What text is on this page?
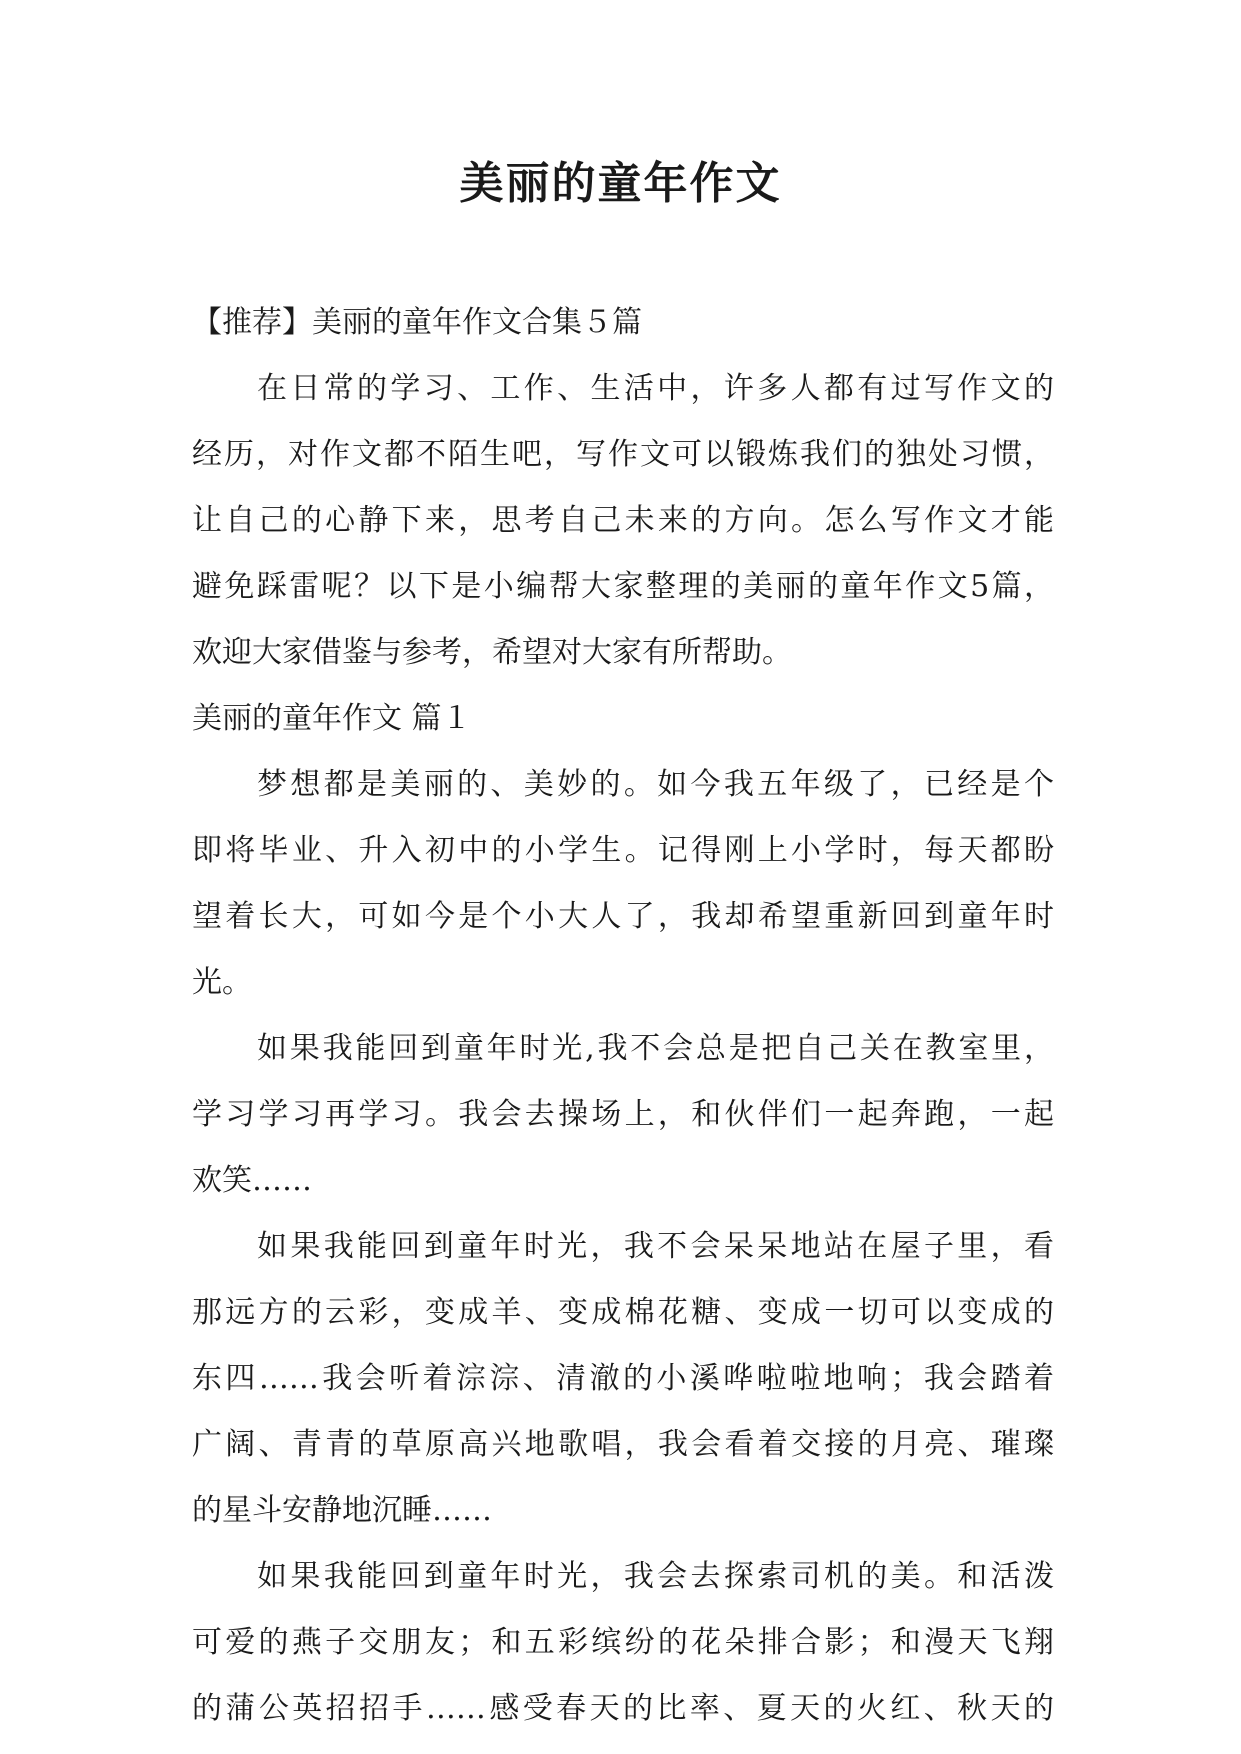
美丽的童年作文

【推荐】美丽的童年作文合集５篇

在日常的学习、工作、生活中，许多人都有过写作文的

经历，对作文都不陌生吧，写作文可以锻炼我们的独处习惯，

让自己的心静下来，思考自己未来的方向。怎么写作文才能

避免踩雷呢？以下是小编帮大家整理的美丽的童年作文5篇，

欢迎大家借鉴与参考，希望对大家有所帮助。

美丽的童年作文 篇１

梦想都是美丽的、美妙的。如今我五年级了，已经是个

即将毕业、升入初中的小学生。记得刚上小学时，每天都盼

望着长大，可如今是个小大人了，我却希望重新回到童年时

光。

如果我能回到童年时光,我不会总是把自己关在教室里，

学习学习再学习。我会去操场上，和伙伴们一起奔跑，一起

欢笑……

如果我能回到童年时光，我不会呆呆地站在屋子里，看

那远方的云彩，变成羊、变成棉花糖、变成一切可以变成的

东四……我会听着淙淙、清澈的小溪哗啦啦地响；我会踏着

广阔、青青的草原高兴地歌唱，我会看着交接的月亮、璀璨

的星斗安静地沉睡……

如果我能回到童年时光，我会去探索司机的美。和活泼

可爱的燕子交朋友；和五彩缤纷的花朵排合影；和漫天飞翔

的蒲公英招招手……感受春天的比率、夏天的火红、秋天的
